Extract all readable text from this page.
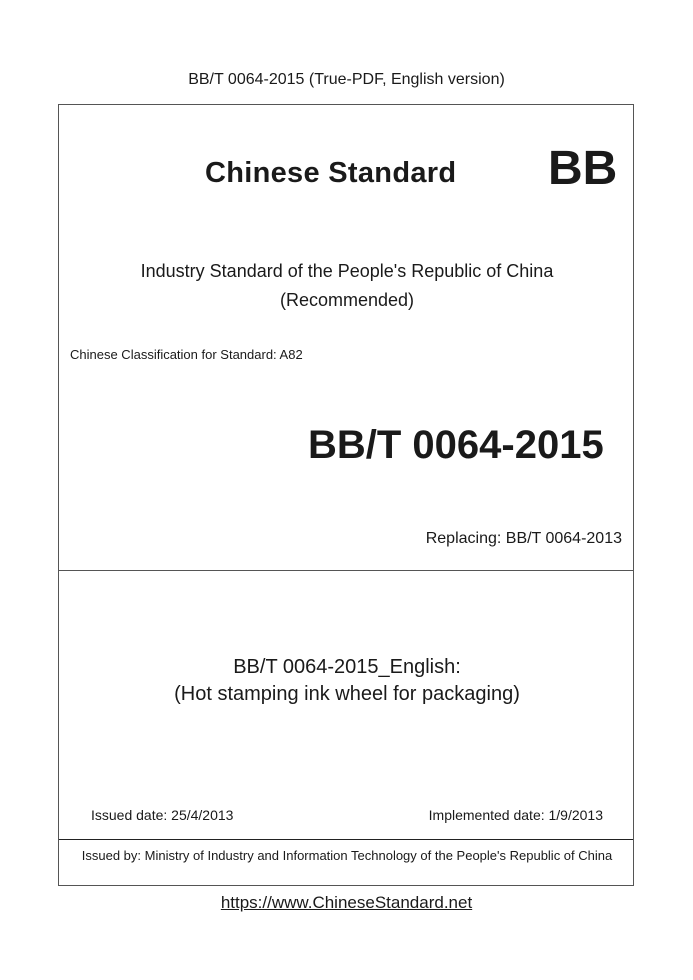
BB/T 0064-2015 (True-PDF, English version)
Chinese Standard BB
Industry Standard of the People's Republic of China
(Recommended)
Chinese Classification for Standard: A82
BB/T 0064-2015
Replacing: BB/T 0064-2013
BB/T 0064-2015_English:
(Hot stamping ink wheel for packaging)
Issued date: 25/4/2013	Implemented date: 1/9/2013
Issued by: Ministry of Industry and Information Technology of the People's Republic of China
https://www.ChineseStandard.net
